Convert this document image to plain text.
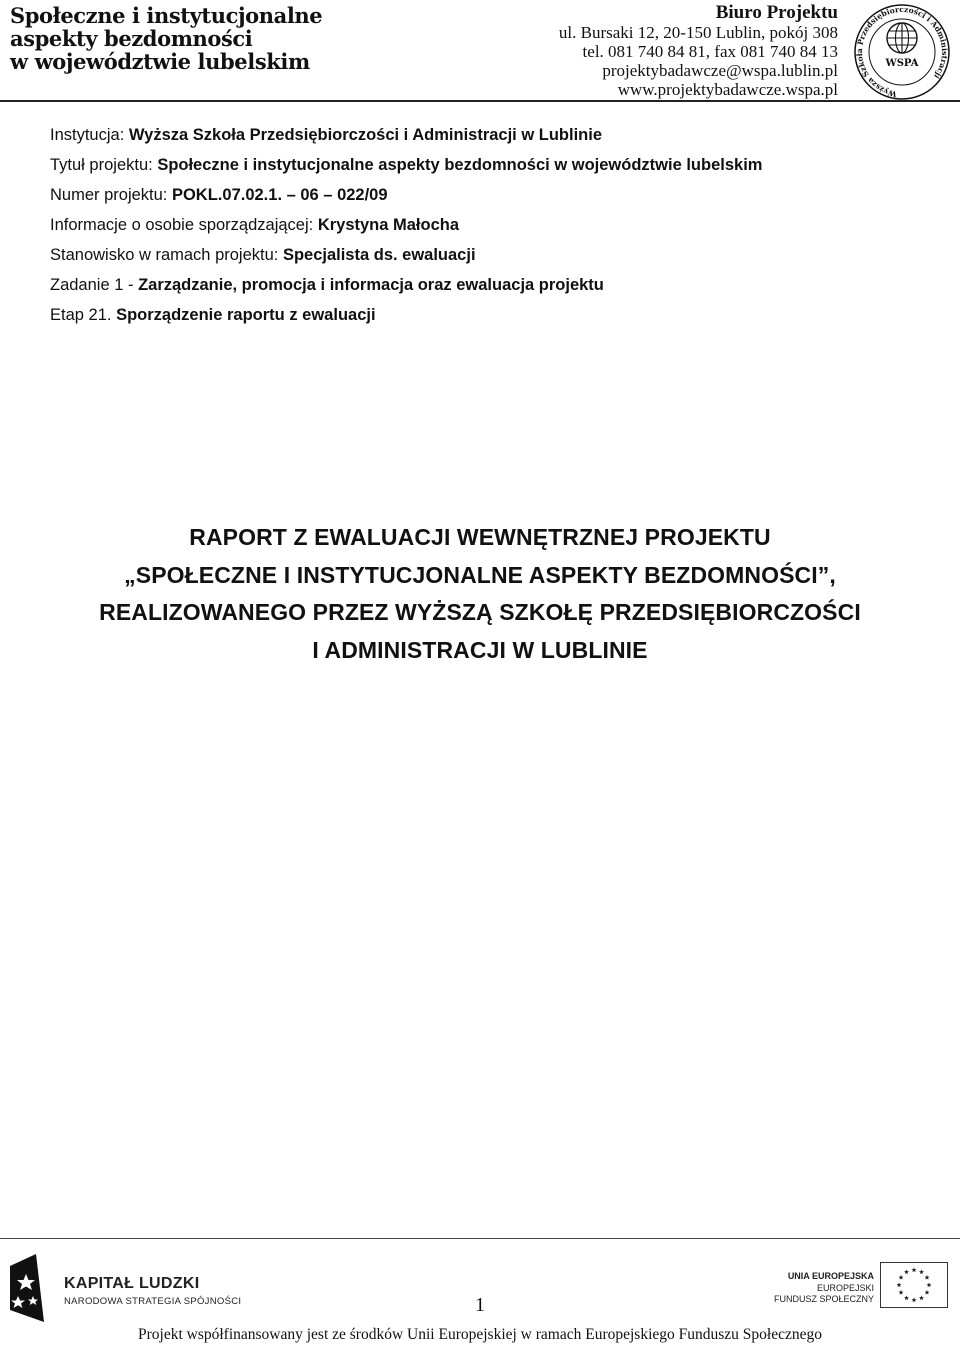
Społeczne i instytucjonalne
aspekty bezdomności
w województwie lubelskim
Biuro Projektu
ul. Bursaki 12, 20-150 Lublin, pokój 308
tel. 081 740 84 81, fax 081 740 84 13
projektybadawcze@wspa.lublin.pl
www.projektybadawcze.wspa.pl	Wyższa Szkoła Przedsiębiorczości i Administracji
WSPA
Instytucja: Wyższa Szkoła Przedsiębiorczości i Administracji w Lublinie
Tytuł projektu: Społeczne i instytucjonalne aspekty bezdomności w województwie lubelskim
Numer projektu: POKL.07.02.1. – 06 – 022/09
Informacje o osobie sporządzającej: Krystyna Małocha
Stanowisko w ramach projektu: Specjalista ds. ewaluacji
Zadanie 1 - Zarządzanie, promocja i informacja oraz ewaluacja projektu
Etap 21. Sporządzenie raportu z ewaluacji
RAPORT Z EWALUACJI WEWNĘTRZNEJ PROJEKTU
„SPOŁECZNE I INSTYTUCJONALNE ASPEKTY BEZDOMNOŚCI”,
REALIZOWANEGO PRZEZ WYŻSZĄ SZKOŁĘ PRZEDSIĘBIORCZOŚCI
I ADMINISTRACJI W LUBLINIE
KAPITAŁ LUDZKI
NARODOWA STRATEGIA SPÓJNOŚCI	1
UNIA EUROPEJSKA
EUROPEJSKI
FUNDUSZ SPOŁECZNY
Projekt współfinansowany jest ze środków Unii Europejskiej w ramach Europejskiego Funduszu Społecznego
